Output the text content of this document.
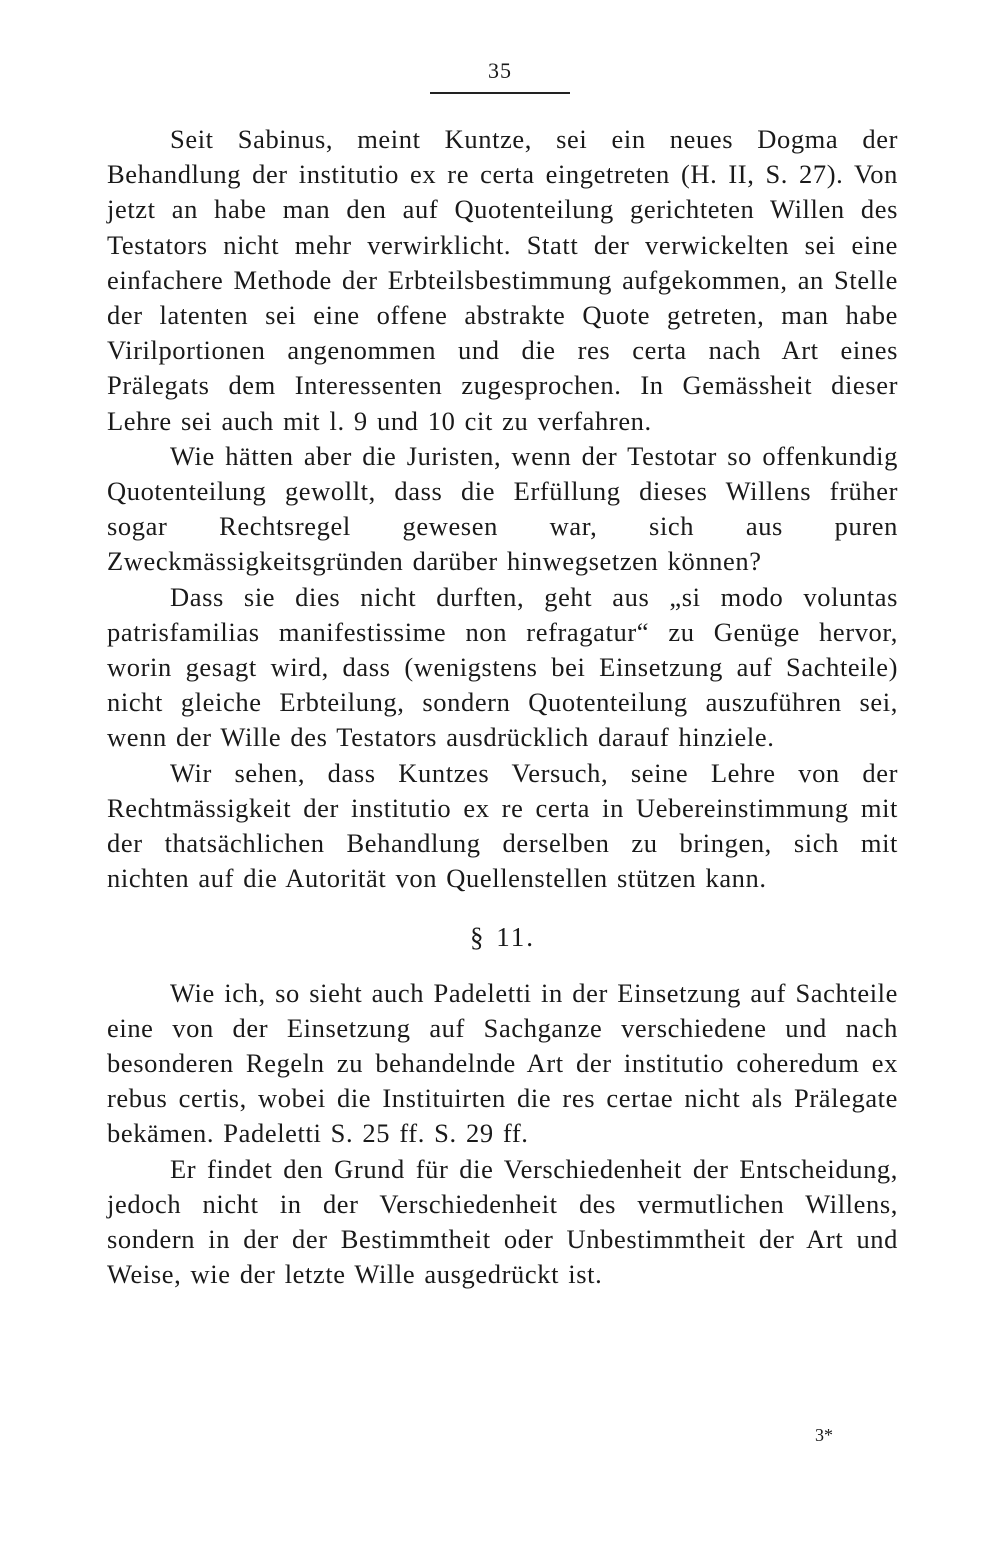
35

Seit Sabinus, meint Kuntze, sei ein neues Dogma der Behandlung der institutio ex re certa eingetreten (H. II, S. 27). Von jetzt an habe man den auf Quotenteilung gerichteten Willen des Testators nicht mehr verwirklicht. Statt der verwickelten sei eine einfachere Methode der Erbteilsbestimmung aufgekommen, an Stelle der latenten sei eine offene abstrakte Quote getreten, man habe Virilportionen angenommen und die res certa nach Art eines Prälegats dem Interessenten zugesprochen. In Gemässheit dieser Lehre sei auch mit l. 9 und 10 cit zu verfahren.

Wie hätten aber die Juristen, wenn der Testotar so offenkundig Quotenteilung gewollt, dass die Erfüllung dieses Willens früher sogar Rechtsregel gewesen war, sich aus puren Zweckmässigkeitsgründen darüber hinwegsetzen können?

Dass sie dies nicht durften, geht aus „si modo voluntas patrisfamilias manifestissime non refragatur“ zu Genüge hervor, worin gesagt wird, dass (wenigstens bei Einsetzung auf Sachteile) nicht gleiche Erbteilung, sondern Quotenteilung auszuführen sei, wenn der Wille des Testators ausdrücklich darauf hinziele.

Wir sehen, dass Kuntzes Versuch, seine Lehre von der Rechtmässigkeit der institutio ex re certa in Uebereinstimmung mit der thatsächlichen Behandlung derselben zu bringen, sich mit nichten auf die Autorität von Quellenstellen stützen kann.

§ 11.

Wie ich, so sieht auch Padeletti in der Einsetzung auf Sachteile eine von der Einsetzung auf Sachganze verschiedene und nach besonderen Regeln zu behandelnde Art der institutio coheredum ex rebus certis, wobei die Instituirten die res certae nicht als Prälegate bekämen. Padeletti S. 25 ff. S. 29 ff.

Er findet den Grund für die Verschiedenheit der Entscheidung, jedoch nicht in der Verschiedenheit des vermutlichen Willens, sondern in der der Bestimmtheit oder Unbestimmtheit der Art und Weise, wie der letzte Wille ausgedrückt ist.

3*
